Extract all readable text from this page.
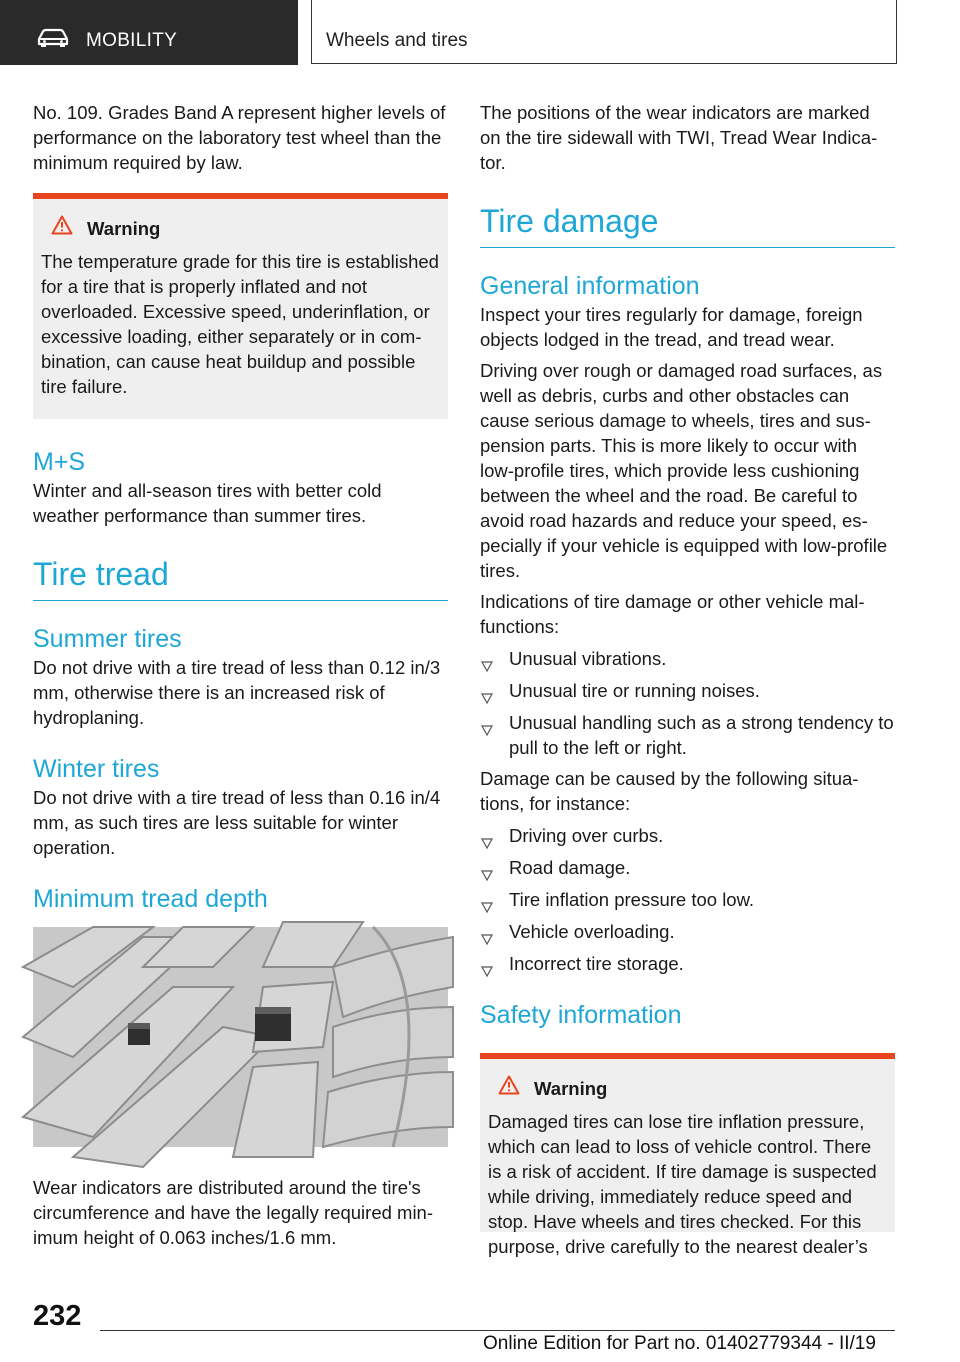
MOBILITY	Wheels and tires

No. 109. Grades Band A represent higher levels of performance on the laboratory test wheel than the minimum required by law.

Warning

The temperature grade for this tire is established for a tire that is properly inflated and not overloaded. Excessive speed, underinflation, or excessive loading, either separately or in combination, can cause heat buildup and possible tire failure.

M+S

Winter and all-season tires with better cold weather performance than summer tires.

Tire tread
Summer tires

Do not drive with a tire tread of less than 0.12 in/3 mm, otherwise there is an increased risk of hydroplaning.

Winter tires

Do not drive with a tire tread of less than 0.16 in/4 mm, as such tires are less suitable for winter operation.

Minimum tread depth

Wear indicators are distributed around the tire's circumference and have the legally required minimum height of 0.063 inches/1.6 mm.

The positions of the wear indicators are marked on the tire sidewall with TWI, Tread Wear Indicator.

Tire damage
General information

Inspect your tires regularly for damage, foreign objects lodged in the tread, and tread wear.

Driving over rough or damaged road surfaces, as well as debris, curbs and other obstacles can cause serious damage to wheels, tires and suspension parts. This is more likely to occur with low-profile tires, which provide less cushioning between the wheel and the road. Be careful to avoid road hazards and reduce your speed, especially if your vehicle is equipped with low-profile tires.

Indications of tire damage or other vehicle malfunctions:

Unusual vibrations.
Unusual tire or running noises.
Unusual handling such as a strong tendency to pull to the left or right.

Damage can be caused by the following situations, for instance:

Driving over curbs.
Road damage.
Tire inflation pressure too low.
Vehicle overloading.
Incorrect tire storage.
Safety information
Warning

Damaged tires can lose tire inflation pressure, which can lead to loss of vehicle control. There is a risk of accident. If tire damage is suspected while driving, immediately reduce speed and stop. Have wheels and tires checked. For this purpose, drive carefully to the nearest dealer’s

232
Online Edition for Part no. 01402779344 - II/19
